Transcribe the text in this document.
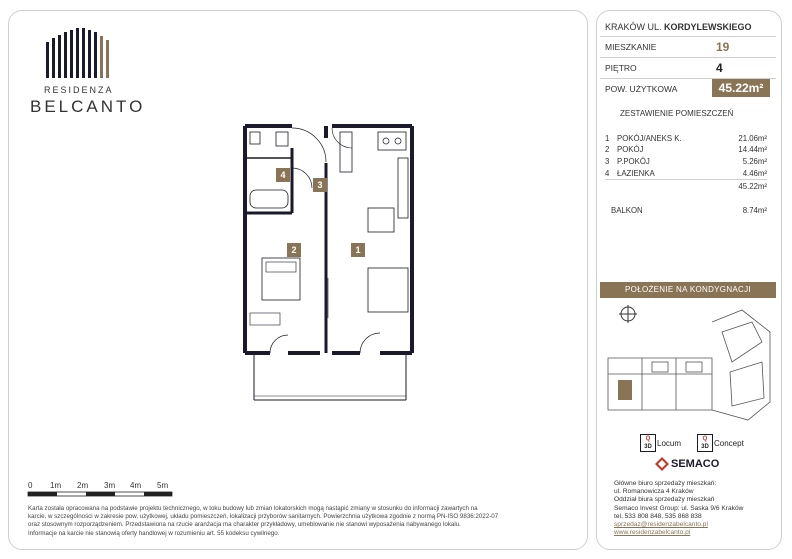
RESIDENZA
BELCANTO
4
3
2	1
0 1m 2m 3m 4m 5m
Karta została opracowana na podstawie projektu technicznego, w toku budowy lub zmian lokatorskich mogą nastąpić zmiany w stosunku do informacji zawartych na
karcie, w szczególności w zakresie pow. użytkowej, układu pomieszczeń, lokalizacji przyborów sanitarnych. Powierzchnia użytkowa zgodnie z normą PN-ISO 9836:2022-07
oraz stosownym rozporządzeniem. Przedstawiona na rzucie aranżacja ma charakter przykładowy, umeblowanie nie stanowi wyposażenia nabywanego lokalu.
Informacje na karcie nie stanowią oferty handlowej w rozumieniu art. 55 kodeksu cywilnego.
KRAKÓW UL. KORDYLEWSKIEGO
MIESZKANIE	19
PIĘTRO	4
POW. UŻYTKOWA	45.22m²
ZESTAWIENIE POMIESZCZEŃ
1 POKÓJ/ANEKS K.	21.06m²
2 POKÓJ	14.44m²
3 P.POKÓJ	5.26m²
4 ŁAZIENKA	4.46m²
45.22m²
BALKON	8.74m²
POŁOŻENIE NA KONDYGNACJI
Q
3D Locum	Q
3D Concept
SEMACO
Główne biuro sprzedaży mieszkań:
ul. Romanowicza 4 Kraków
Oddział biura sprzedaży mieszkań
Semaco Invest Group: ul. Saska 9/6 Kraków
tel. 533 808 848, 535 868 838
sprzedaz@residenzabelcanto.pl
www.residenzabelcanto.pl
